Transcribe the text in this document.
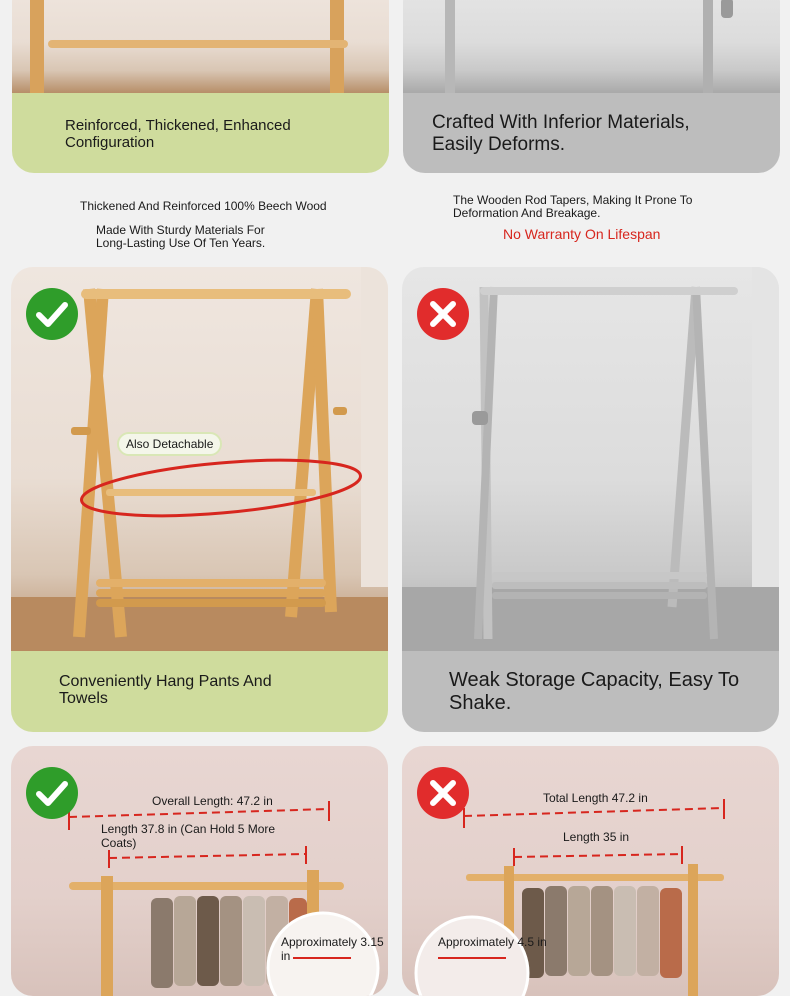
Reinforced, Thickened, Enhanced Configuration
Crafted With Inferior Materials, Easily Deforms.
Thickened And Reinforced 100% Beech Wood
Made With Sturdy Materials For Long-Lasting Use Of Ten Years.
The Wooden Rod Tapers, Making It Prone To Deformation And Breakage.
No Warranty On Lifespan
Conveniently Hang Pants And Towels
Also Detachable
Weak Storage Capacity, Easy To Shake.
Overall Length: 47.2 in
Length 37.8 in (Can Hold 5 More Coats)
Approximately 3.15 in
Total Length 47.2 in
Length 35 in
Approximately 4.5 in
